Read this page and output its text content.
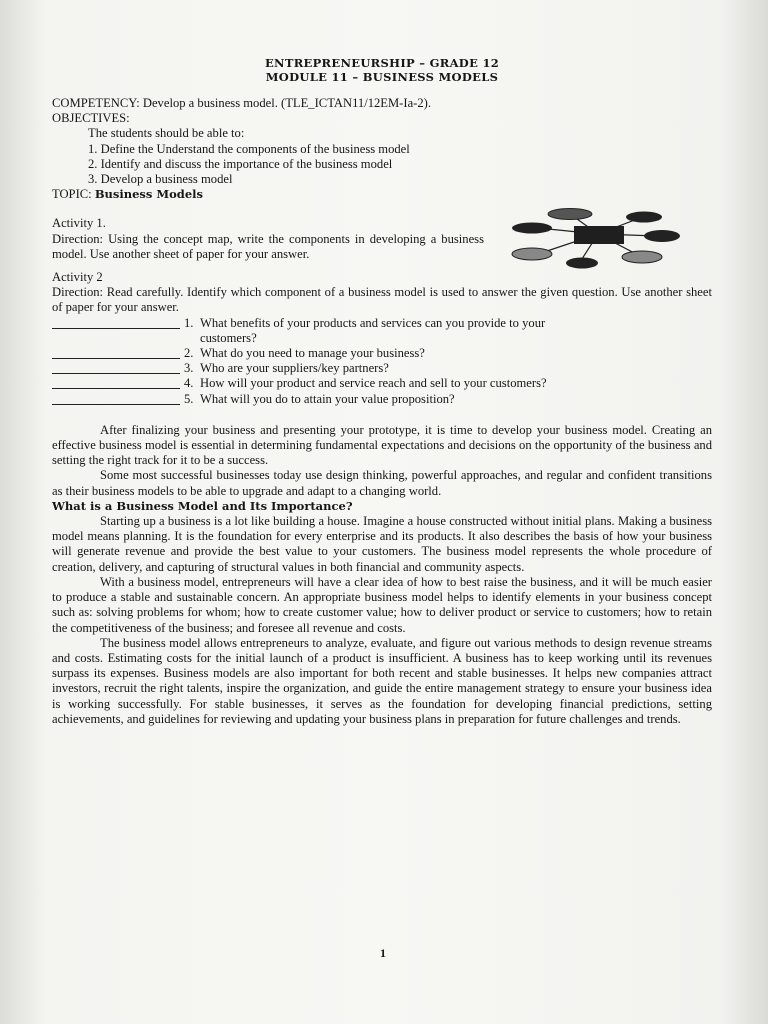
ENTREPRENEURSHIP – GRADE 12
MODULE 11 – BUSINESS MODELS
COMPETENCY: Develop a business model. (TLE_ICTAN11/12EM-Ia-2).
OBJECTIVES:
The students should be able to:
1. Define the Understand the components of the business model
2. Identify and discuss the importance of the business model
3. Develop a business model
TOPIC: Business Models
Activity 1.
Direction: Using the concept map, write the components in developing a business model. Use another sheet of paper for your answer.
Activity 2

Direction: Read carefully. Identify which component of a business model is used to answer the given question. Use another sheet of paper for your answer.

1. What benefits of your products and services can you provide to your
customers?
2. What do you need to manage your business?
3. Who are your suppliers/key partners?
4. How will your product and service reach and sell to your customers?
5. What will you do to attain your value proposition?

After finalizing your business and presenting your prototype, it is time to develop your business model. Creating an effective business model is essential in determining fundamental expectations and decisions on the opportunity of the business and setting the right track for it to be a success.

Some most successful businesses today use design thinking, powerful approaches, and regular and confident transitions as their business models to be able to upgrade and adapt to a changing world.

What is a Business Model and Its Importance?

Starting up a business is a lot like building a house. Imagine a house constructed without initial plans. Making a business model means planning. It is the foundation for every enterprise and its products. It also describes the basis of how your business will generate revenue and provide the best value to your customers. The business model represents the whole procedure of creation, delivery, and capturing of structural values in both financial and community aspects.

With a business model, entrepreneurs will have a clear idea of how to best raise the business, and it will be much easier to produce a stable and sustainable concern. An appropriate business model helps to identify elements in your business concept such as: solving problems for whom; how to create customer value; how to deliver product or service to customers; how to retain the competitiveness of the business; and foresee all revenue and costs.

The business model allows entrepreneurs to analyze, evaluate, and figure out various methods to design revenue streams and costs. Estimating costs for the initial launch of a product is insufficient. A business has to keep working until its revenues surpass its expenses. Business models are also important for both recent and stable businesses. It helps new companies attract investors, recruit the right talents, inspire the organization, and guide the entire management strategy to ensure your business idea is working successfully. For stable businesses, it serves as the foundation for developing financial predictions, setting achievements, and guidelines for reviewing and updating your business plans in preparation for future challenges and trends.

1
